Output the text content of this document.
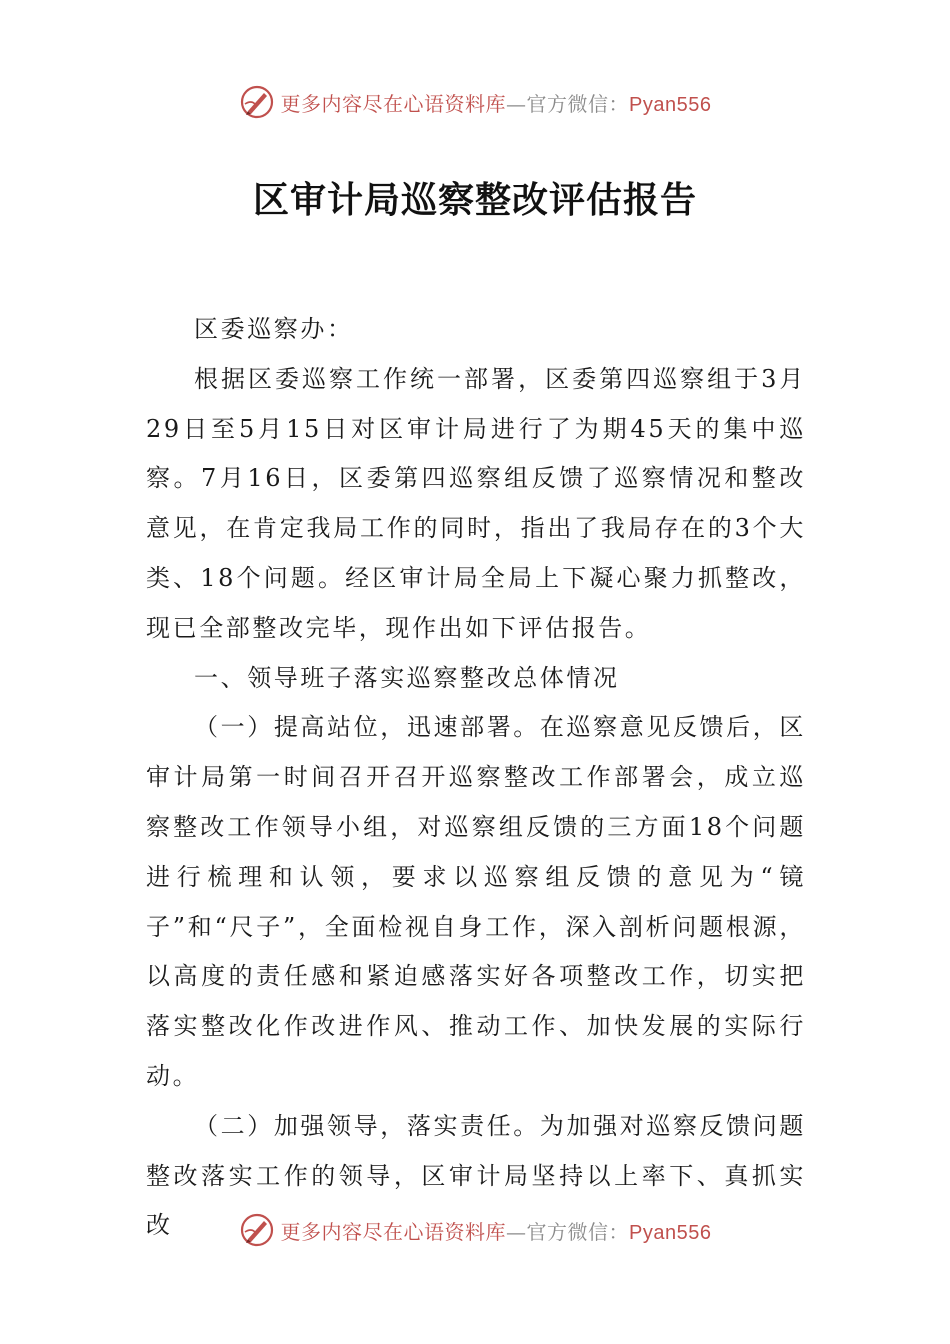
更多内容尽在心语资料库—官方微信：Pyan556
区审计局巡察整改评估报告

区委巡察办：

根据区委巡察工作统一部署，区委第四巡察组于3月29日至5月15日对区审计局进行了为期45天的集中巡察。7月16日，区委第四巡察组反馈了巡察情况和整改意见，在肯定我局工作的同时，指出了我局存在的3个大类、18个问题。经区审计局全局上下凝心聚力抓整改，现已全部整改完毕，现作出如下评估报告。

一、领导班子落实巡察整改总体情况

（一）提高站位，迅速部署。在巡察意见反馈后，区审计局第一时间召开召开巡察整改工作部署会，成立巡察整改工作领导小组，对巡察组反馈的三方面18个问题进行梳理和认领，要求以巡察组反馈的意见为“镜子”和“尺子”，全面检视自身工作，深入剖析问题根源，以高度的责任感和紧迫感落实好各项整改工作，切实把落实整改化作改进作风、推动工作、加快发展的实际行动。

（二）加强领导，落实责任。为加强对巡察反馈问题整改落实工作的领导，区审计局坚持以上率下、真抓实改	更多内容尽在心语资料库—官方微信：Pyan556
